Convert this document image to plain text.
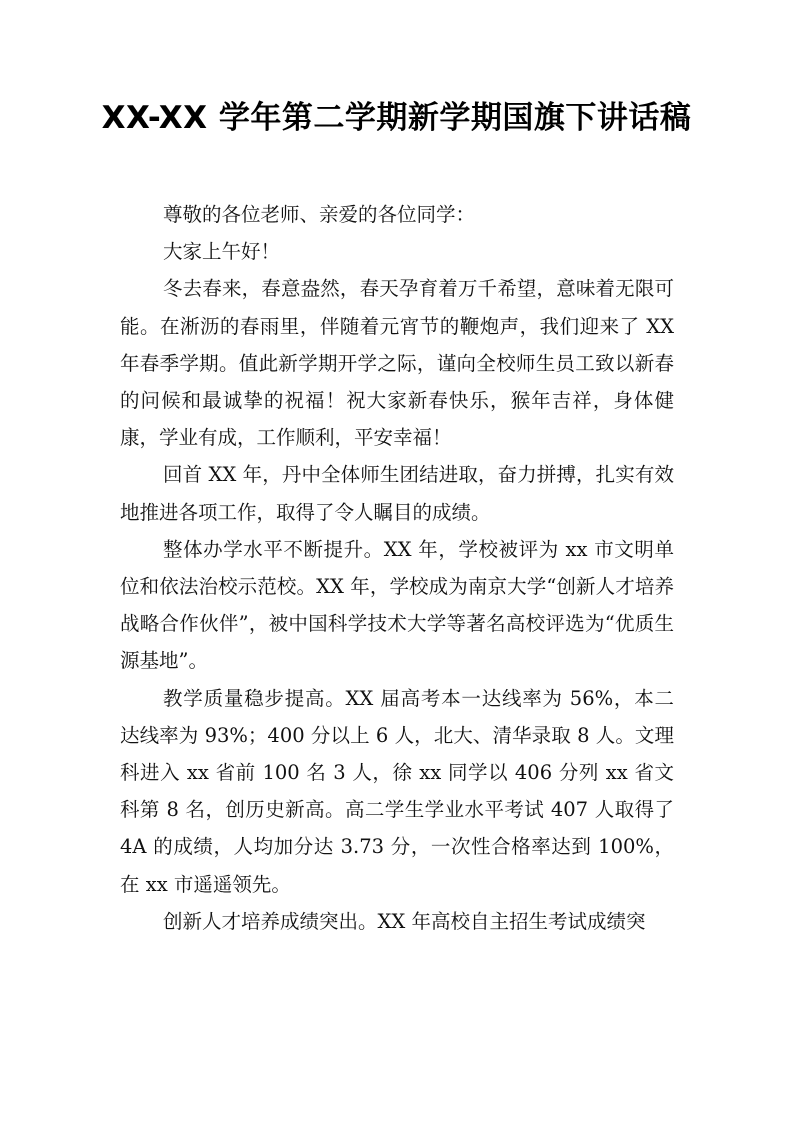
XX-XX 学年第二学期新学期国旗下讲话稿

尊敬的各位老师、亲爱的各位同学：

大家上午好！

冬去春来，春意盎然，春天孕育着万千希望，意味着无限可能。在淅沥的春雨里，伴随着元宵节的鞭炮声，我们迎来了 XX 年春季学期。值此新学期开学之际，谨向全校师生员工致以新春的问候和最诚挚的祝福！祝大家新春快乐，猴年吉祥，身体健康，学业有成，工作顺利，平安幸福！

回首 XX 年，丹中全体师生团结进取，奋力拼搏，扎实有效地推进各项工作，取得了令人瞩目的成绩。

整体办学水平不断提升。XX 年，学校被评为 xx 市文明单位和依法治校示范校。XX 年，学校成为南京大学“创新人才培养战略合作伙伴”，被中国科学技术大学等著名高校评选为“优质生源基地”。

教学质量稳步提高。XX 届高考本一达线率为 56%，本二达线率为 93%；400 分以上 6 人，北大、清华录取 8 人。文理科进入 xx 省前 100 名 3 人，徐 xx 同学以 406 分列 xx 省文科第 8 名，创历史新高。高二学生学业水平考试 407 人取得了 4A 的成绩，人均加分达 3.73 分，一次性合格率达到 100%，在 xx 市遥遥领先。

创新人才培养成绩突出。XX 年高校自主招生考试成绩突
